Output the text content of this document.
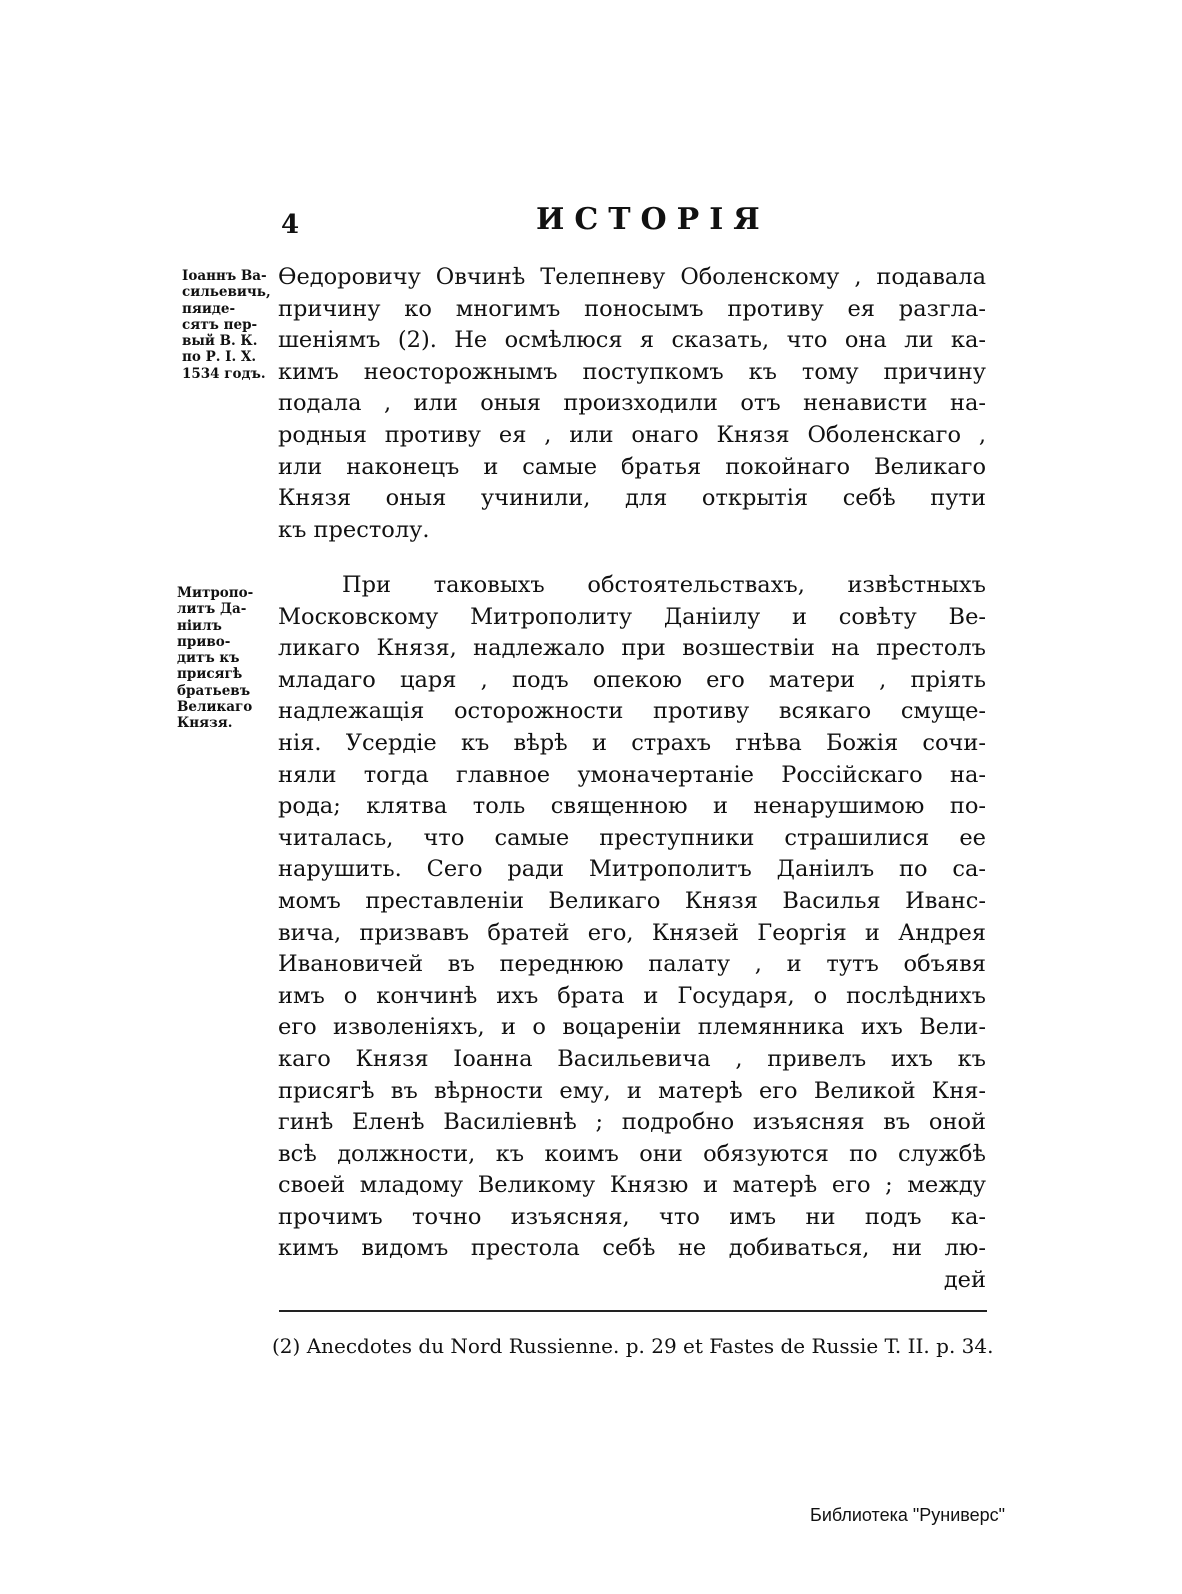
4	ИСТОРІЯ
Іоаннъ Ва-
сильевичь,
пяиде-
сятъ пер-
вый В. К.
по Р. І. Х.
1534 годъ.
Митропо-
литъ Да-
ніилъ
приво-
дитъ къ
присягѣ
братьевъ
Великаго
Князя.
Ѳедоровичу Овчинѣ Телепневу Оболенскому , подавала
причину ко многимъ поносымъ противу ея разгла-
шеніямъ (2). Не осмѣлюся я сказать, что она ли ка-
кимъ неосторожнымъ поступкомъ къ тому причину
подала , или оныя произходили отъ ненависти на-
родныя противу ея , или онаго Князя Оболенскаго ,
или наконецъ и самые братья покойнаго Великаго
Князя оныя учинили, для открытія себѣ пути
къ престолу.
При таковыхъ обстоятельствахъ, извѣстныхъ
Московскому Митрополиту Даніилу и совѣту Ве-
ликаго Князя, надлежало при возшествіи на престолъ
младаго царя , подъ опекою его матери , пріять
надлежащія осторожности противу всякаго смуще-
нія. Усердіе къ вѣрѣ и страхъ гнѣва Божія сочи-
няли тогда главное умоначертаніе Россійскаго на-
рода; клятва толь священною и ненарушимою по-
читалась, что самые преступники страшилися ее
нарушить. Сего ради Митрополитъ Даніилъ по са-
момъ преставленіи Великаго Князя Василья Иванс-
вича, призвавъ братей его, Князей Георгія и Андрея
Ивановичей въ переднюю палату , и тутъ объявя
имъ о кончинѣ ихъ брата и Государя, о послѣднихъ
его изволеніяхъ, и о воцареніи племянника ихъ Вели-
каго Князя Іоанна Васильевича , привелъ ихъ къ
присягѣ въ вѣрности ему, и матерѣ его Великой Кня-
гинѣ Еленѣ Василіевнѣ ; подробно изъясняя въ оной
всѣ должности, къ коимъ они обязуются по службѣ
своей младому Великому Князю и матерѣ его ; между
прочимъ точно изъясняя, что имъ ни подъ ка-
кимъ видомъ престола себѣ не добиваться, ни лю-
дей
(2) Anecdotes du Nord Russienne. p. 29 et Fastes de Russie T. II. p. 34.
Библиотека "Руниверс"
